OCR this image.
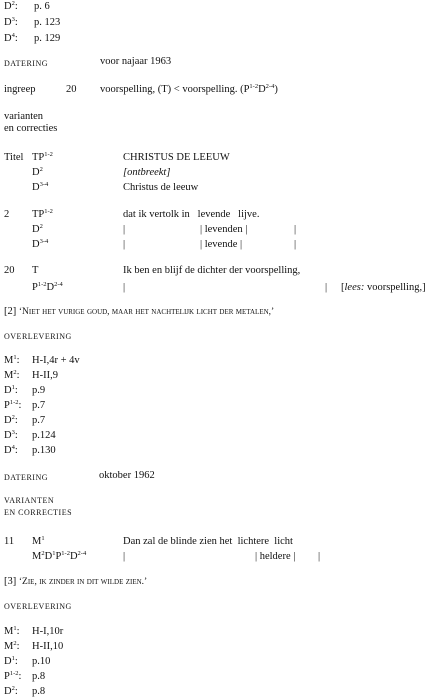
$D^2$: p. 6
$D^3$: p. 123
$D^4$: p. 129
DATERING	voor najaar 1963
ingreep	20 voorspelling, (T) < voorspelling. $(P^{1-2}D^{2-4})$
varianten
en correcties
Titel TP$^{1-2}$	CHRISTUS DE LEEUW
$D^2$	[ontbreekt]
$D^{3-4}$	Christus de leeuw
2 TP$^{1-2}$	dat ik vertolk in   levende   lijve.
$D^2$	|	| levenden |	|
$D^{3-4}$	|	| levende |	|
20 T	Ik ben en blijf de dichter der voorspelling,
$P^{1-2}D^{2-4}$	|	| [lees: voorspelling,]
[2] ‘Niet het vurige goud, maar het nachtelijk licht der metalen,’
OVERLEVERING
$M^1$: H-I,4r + 4v
$M^2$: H-II,9
$D^1$: p.9
$P^{1-2}$: p.7
$D^2$: p.7
$D^3$: p.124
$D^4$: p.130
DATERING	oktober 1962
VARIANTEN
EN CORRECTIES
11 $M^1$	Dan zal de blinde zien het  lichtere  licht
$M^2D^1P^{1-2}D^{2-4}$	|	| heldere | |
[3] ‘Zie, ik zinder in dit wilde zien.’
OVERLEVERING
$M^1$: H-I,10r
$M^2$: H-II,10
$D^1$: p.10
$P^{1-2}$: p.8
$D^2$: p.8
